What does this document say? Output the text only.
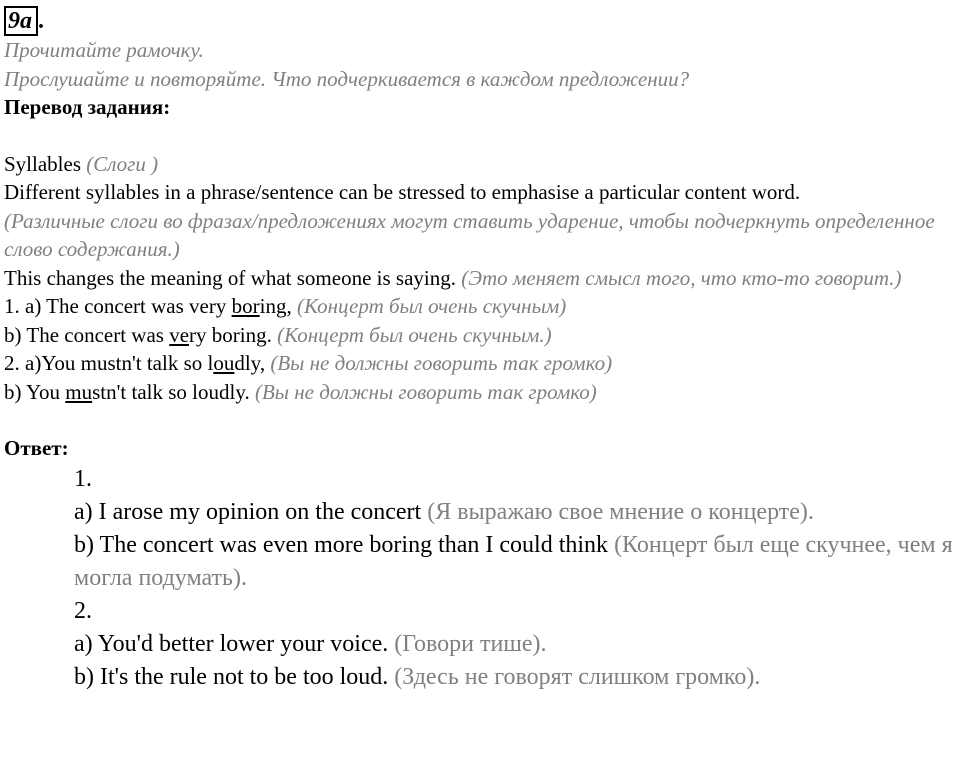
9a .
Прочитайте рамочку.
Прослушайте и повторяйте. Что подчеркивается в каждом предложении?
Перевод задания:
Syllables (Слоги )
Different syllables in a phrase/sentence can be stressed to emphasise a particular content word.
(Различные слоги во фразах/предложениях могут ставить ударение, чтобы подчеркнуть определенное слово содержания.)
This changes the meaning of what someone is saying. (Это меняет смысл того, что кто-то говорит.)
1. a) The concert was very boring, (Концерт был очень скучным)
b) The concert was very boring. (Концерт был очень скучным.)
2. a)You mustn't talk so loudly, (Вы не должны говорить так громко)
b) You mustn't talk so loudly. (Вы не должны говорить так громко)
Ответ:
1.
a) I arose my opinion on the concert (Я выражаю свое мнение о концерте).
b) The concert was even more boring than I could think (Концерт был еще скучнее, чем я могла подумать).
2.
a) You'd better lower your voice. (Говори тише).
b) It's the rule not to be too loud. (Здесь не говорят слишком громко).
